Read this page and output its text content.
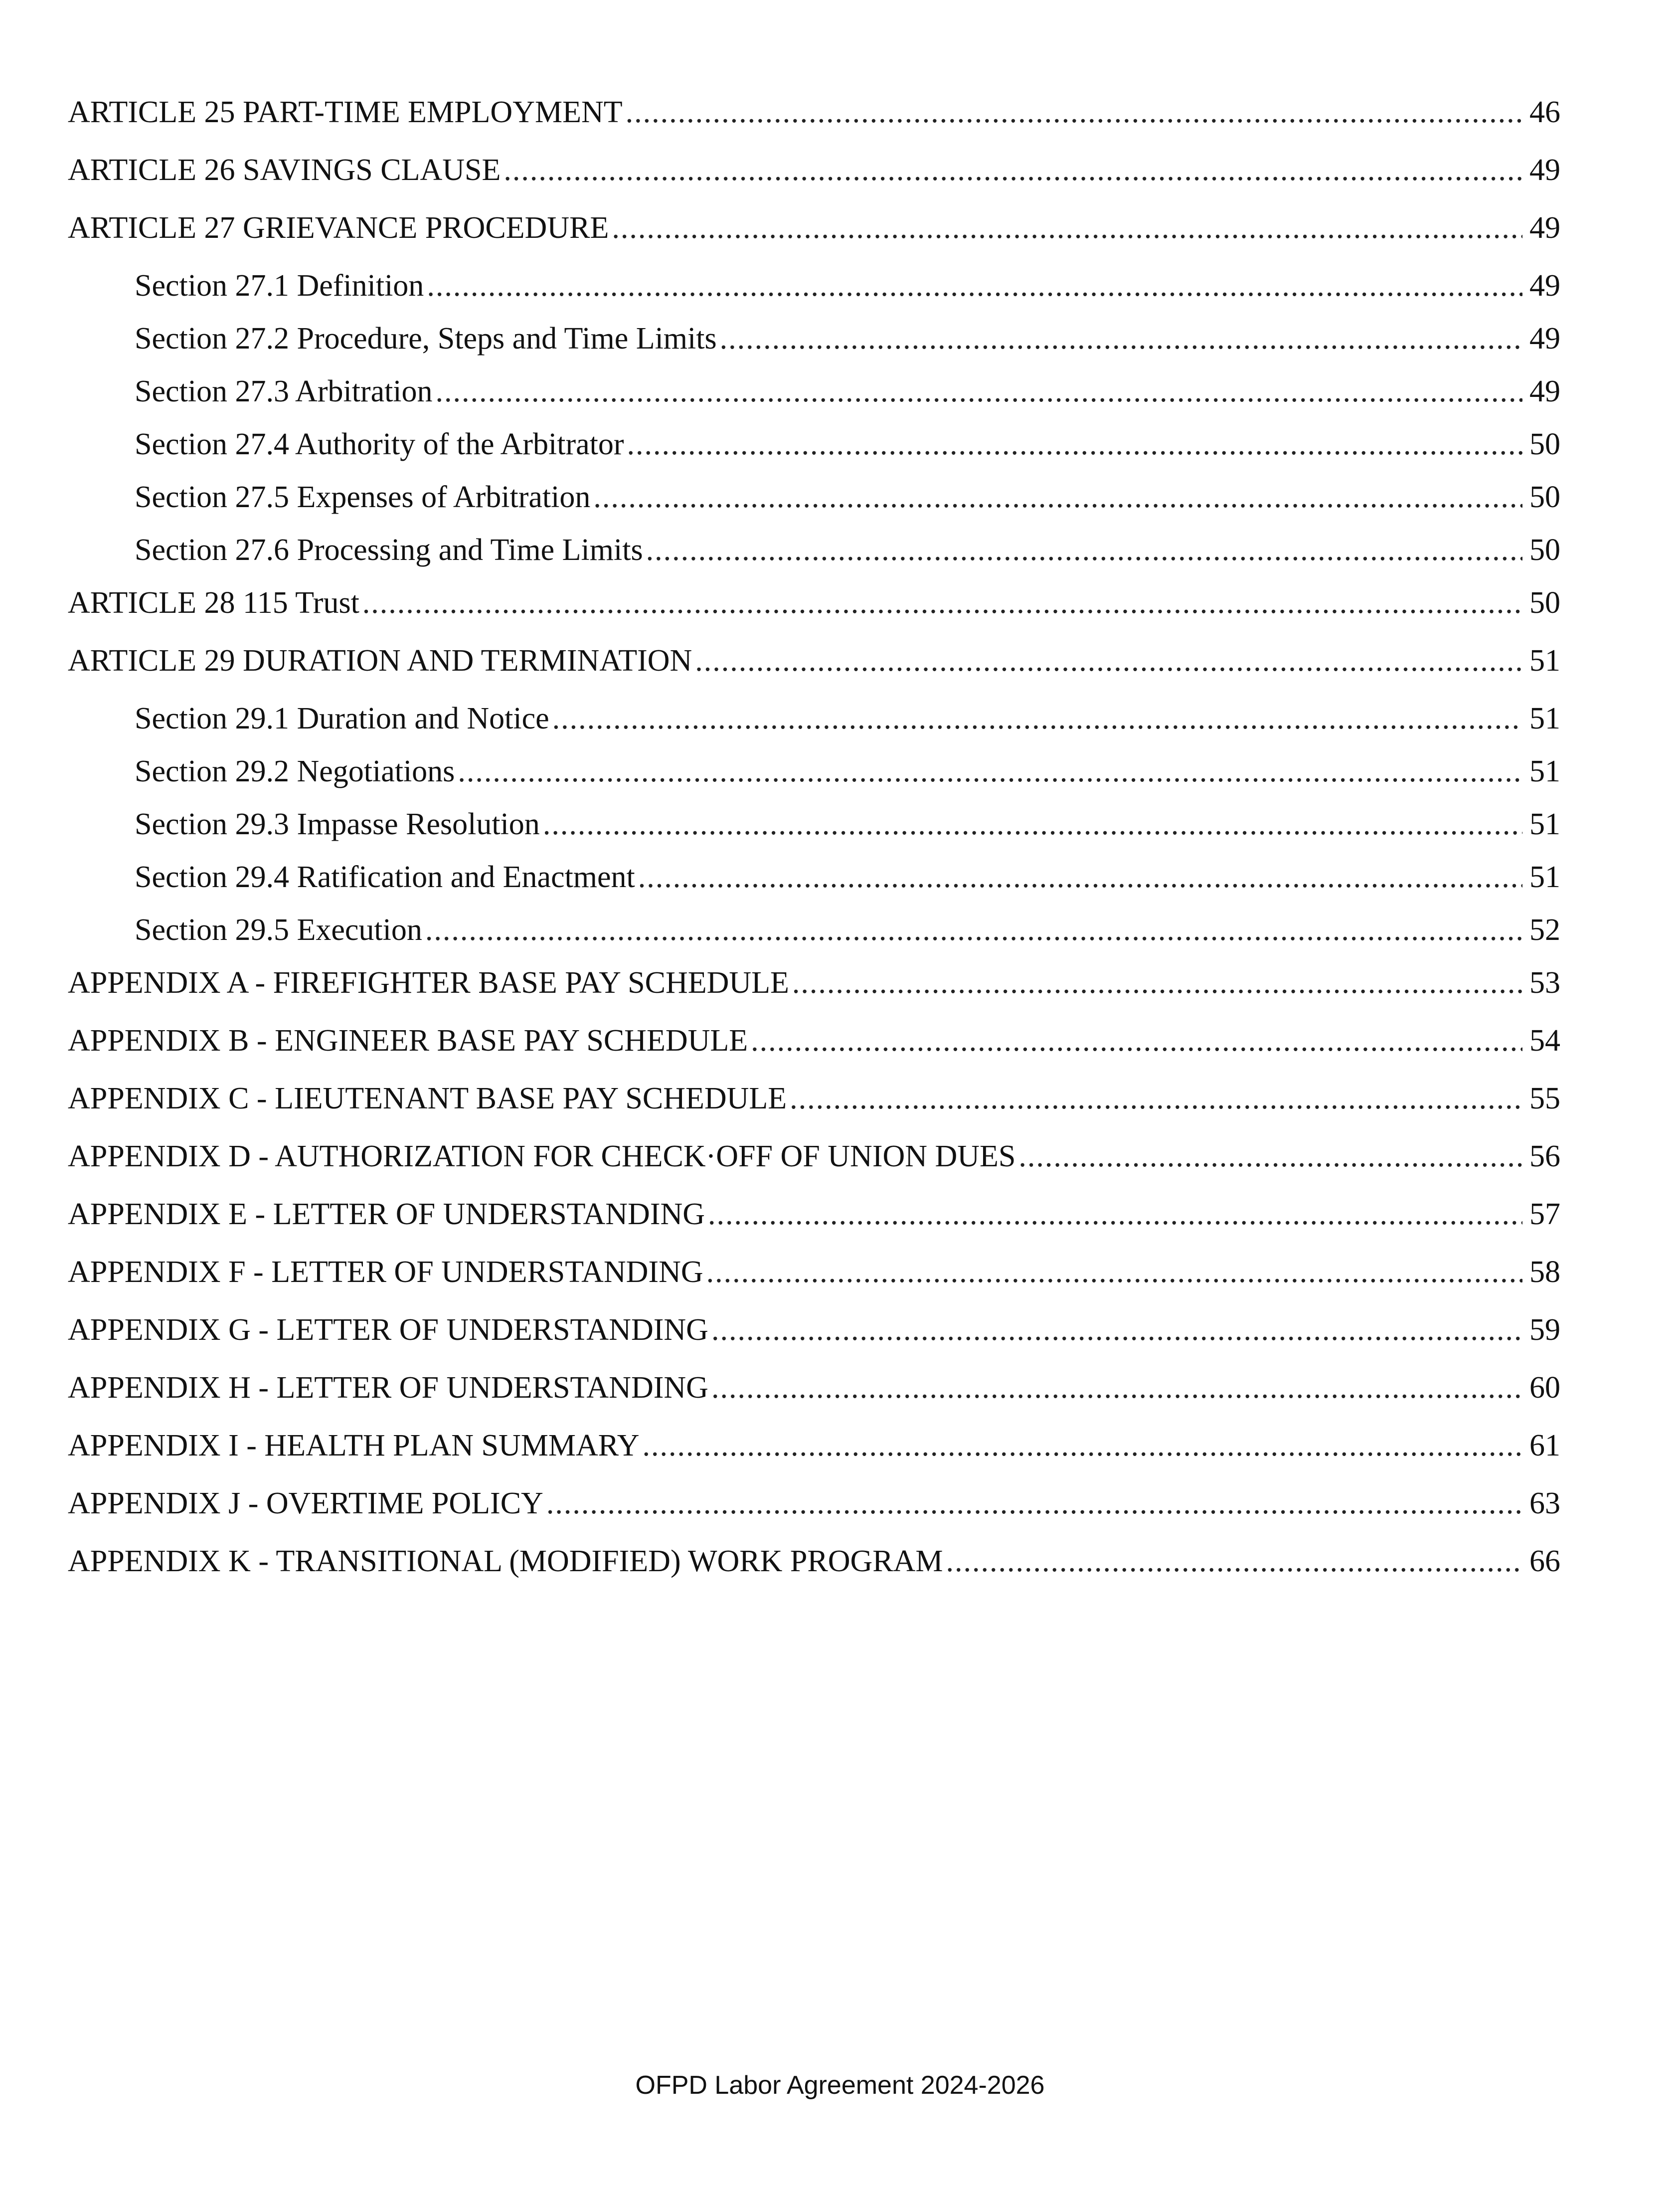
ARTICLE 25 PART-TIME EMPLOYMENT .....	46
ARTICLE 26 SAVINGS CLAUSE .....	49
ARTICLE 27 GRIEVANCE PROCEDURE .....	49
Section 27.1 Definition .....	49
Section 27.2 Procedure, Steps and Time Limits .....	49
Section 27.3 Arbitration .....	49
Section 27.4 Authority of the Arbitrator .....	50
Section 27.5 Expenses of Arbitration .....	50
Section 27.6 Processing and Time Limits .....	50
ARTICLE 28 115 Trust .....	50
ARTICLE 29 DURATION AND TERMINATION .....	51
Section 29.1 Duration and Notice .....	51
Section 29.2 Negotiations .....	51
Section 29.3 Impasse Resolution .....	51
Section 29.4 Ratification and Enactment .....	51
Section 29.5 Execution .....	52
APPENDIX A - FIREFIGHTER BASE PAY SCHEDULE .....	53
APPENDIX B - ENGINEER BASE PAY SCHEDULE .....	54
APPENDIX C - LIEUTENANT BASE PAY SCHEDULE .....	55
APPENDIX D - AUTHORIZATION FOR CHECK·OFF OF UNION DUES .....	56
APPENDIX E - LETTER OF UNDERSTANDING .....	57
APPENDIX F - LETTER OF UNDERSTANDING .....	58
APPENDIX G - LETTER OF UNDERSTANDING .....	59
APPENDIX H - LETTER OF UNDERSTANDING .....	60
APPENDIX I - HEALTH PLAN SUMMARY .....	61
APPENDIX J - OVERTIME POLICY .....	63
APPENDIX K - TRANSITIONAL (MODIFIED) WORK PROGRAM .....	66
OFPD Labor Agreement 2024-2026
